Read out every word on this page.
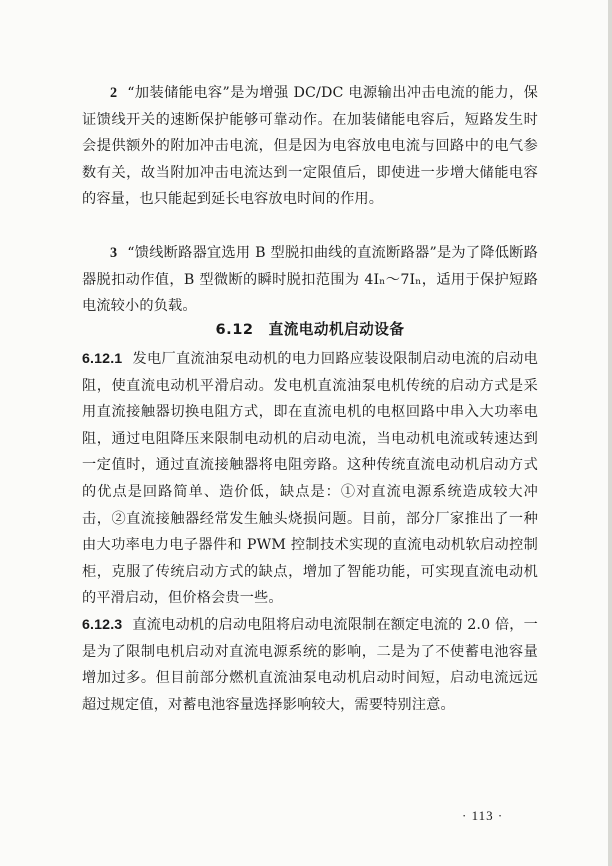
2 “加装储能电容”是为增强 DC/DC 电源输出冲击电流的能力，保证馈线开关的速断保护能够可靠动作。在加装储能电容后，短路发生时会提供额外的附加冲击电流，但是因为电容放电电流与回路中的电气参数有关，故当附加冲击电流达到一定限值后，即使进一步增大储能电容的容量，也只能起到延长电容放电时间的作用。

3 “馈线断路器宜选用 B 型脱扣曲线的直流断路器”是为了降低断路器脱扣动作值，B 型微断的瞬时脱扣范围为 4Iₙ～7Iₙ，适用于保护短路电流较小的负载。

6.12　直流电动机启动设备

6.12.1 发电厂直流油泵电动机的电力回路应装设限制启动电流的启动电阻，使直流电动机平滑启动。发电机直流油泵电机传统的启动方式是采用直流接触器切换电阻方式，即在直流电机的电枢回路中串入大功率电阻，通过电阻降压来限制电动机的启动电流，当电动机电流或转速达到一定值时，通过直流接触器将电阻旁路。这种传统直流电动机启动方式的优点是回路简单、造价低，缺点是：①对直流电源系统造成较大冲击，②直流接触器经常发生触头烧损问题。目前，部分厂家推出了一种由大功率电力电子器件和 PWM 控制技术实现的直流电动机软启动控制柜，克服了传统启动方式的缺点，增加了智能功能，可实现直流电动机的平滑启动，但价格会贵一些。

6.12.3 直流电动机的启动电阻将启动电流限制在额定电流的 2.0 倍，一是为了限制电机启动对直流电源系统的影响，二是为了不使蓄电池容量增加过多。但目前部分燃机直流油泵电动机启动时间短，启动电流远远超过规定值，对蓄电池容量选择影响较大，需要特别注意。

· 113 ·
